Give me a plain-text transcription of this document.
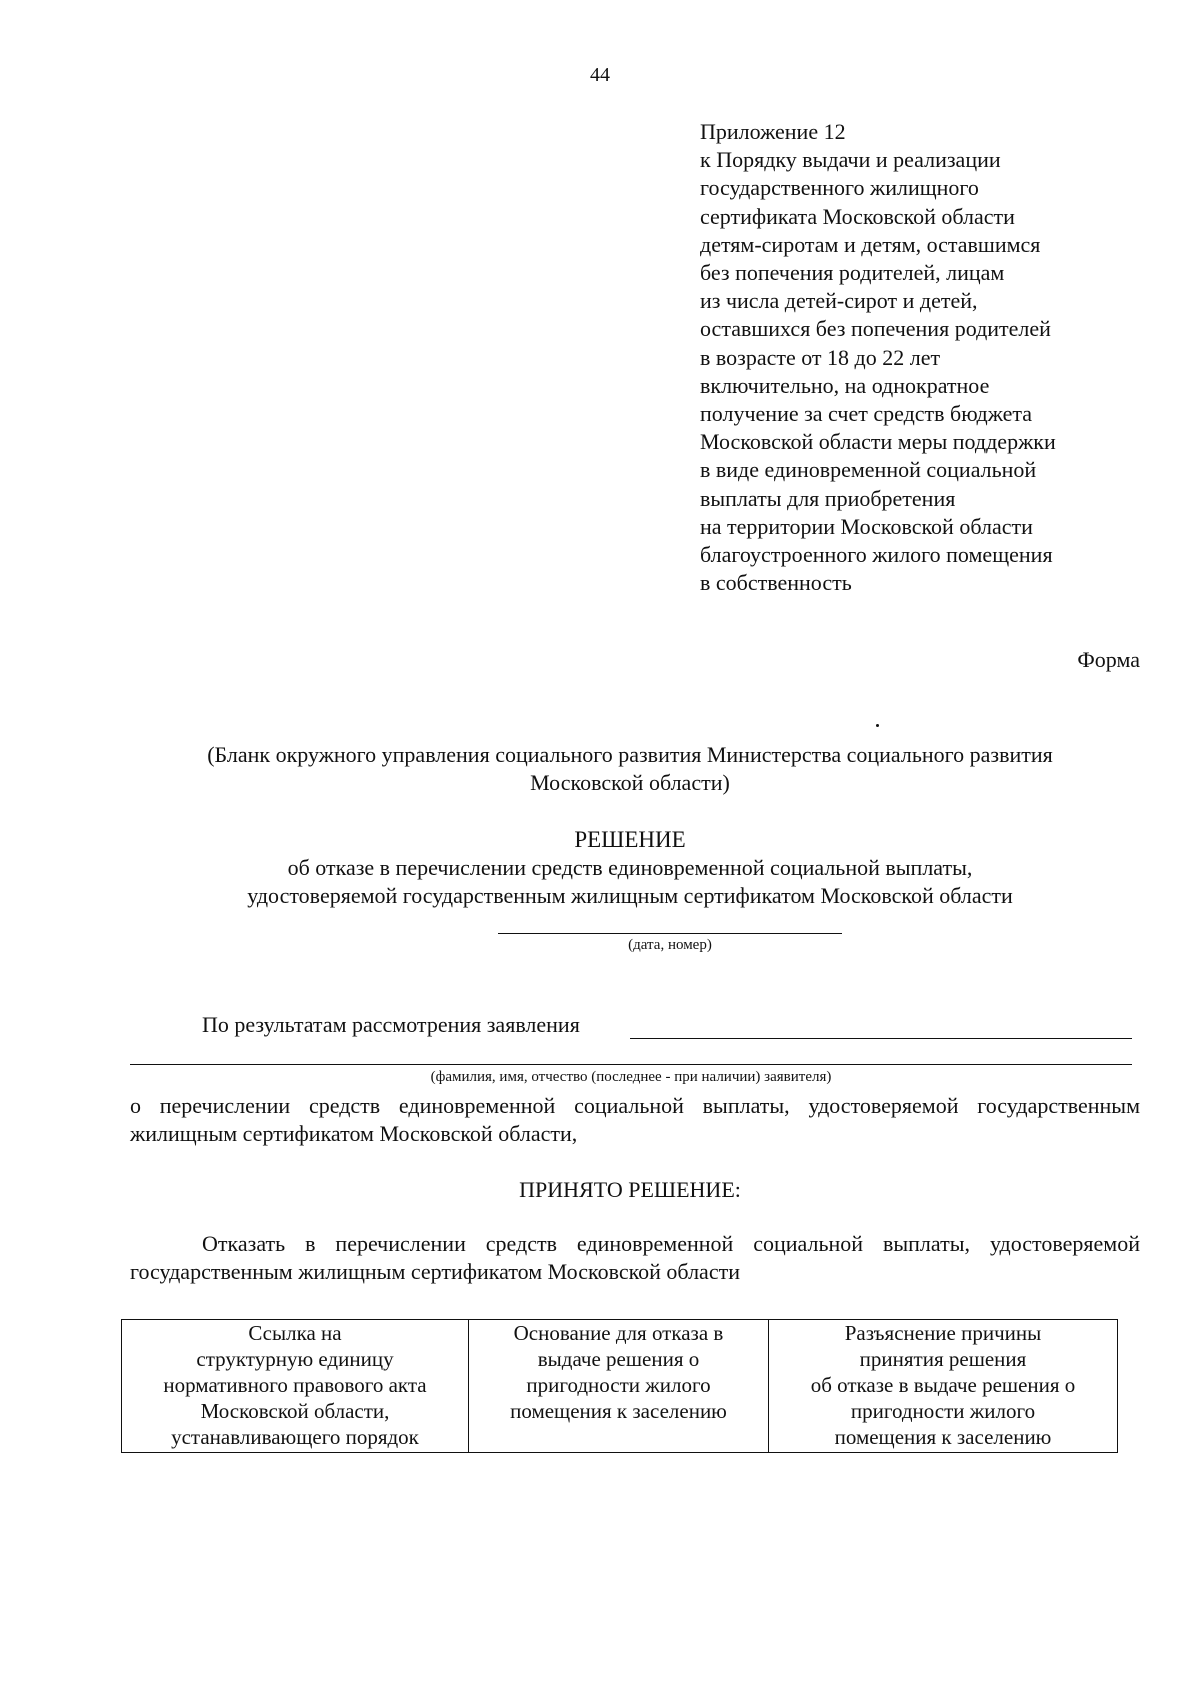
44
Приложение 12
к Порядку выдачи и реализации
государственного жилищного
сертификата Московской области
детям-сиротам и детям, оставшимся
без попечения родителей, лицам
из числа детей-сирот и детей,
оставшихся без попечения родителей
в возрасте от 18 до 22 лет
включительно, на однократное
получение за счет средств бюджета
Московской области меры поддержки
в виде единовременной социальной
выплаты для приобретения
на территории Московской области
благоустроенного жилого помещения
в собственность
Форма
(Бланк окружного управления социального развития Министерства социального развития
Московской области)
РЕШЕНИЕ
об отказе в перечислении средств единовременной социальной выплаты,
удостоверяемой государственным жилищным сертификатом Московской области
(дата, номер)
По результатам рассмотрения заявления
(фамилия, имя, отчество (последнее - при наличии) заявителя)
о перечислении средств единовременной социальной выплаты, удостоверяемой государственным
жилищным сертификатом Московской области,
ПРИНЯТО РЕШЕНИЕ:
Отказать в перечислении средств единовременной социальной выплаты, удостоверяемой
государственным жилищным сертификатом Московской области
Ссылка на
структурную единицу
нормативного правового акта
Московской области,
устанавливающего порядок

Основание для отказа в
выдаче решения о
пригодности жилого
помещения к заселению

Разъяснение причины
принятия решения
об отказе в выдаче решения о
пригодности жилого
помещения к заселению
